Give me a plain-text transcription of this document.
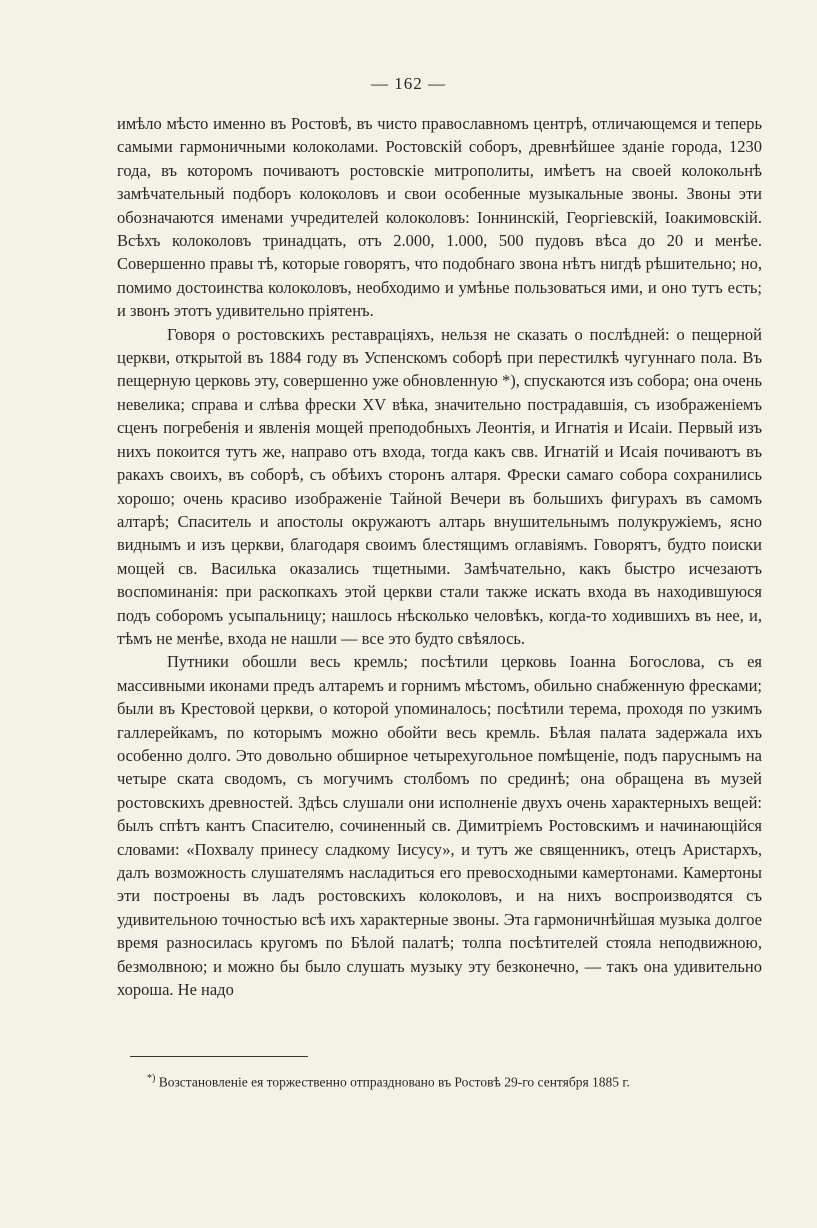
— 162 —

имѣло мѣсто именно въ Ростовѣ, въ чисто православномъ центрѣ, отличающемся и теперь самыми гармоничными колоколами. Ростовскій соборъ, древнѣйшее зданіе города, 1230 года, въ которомъ почиваютъ ростовскіе митрополиты, имѣетъ на своей колокольнѣ замѣчательный подборъ колоколовъ и свои особенные музыкальные звоны. Звоны эти обозначаются именами учредителей колоколовъ: Іоннинскій, Георгіевскій, Іоакимовскій. Всѣхъ колоколовъ тринадцать, отъ 2.000, 1.000, 500 пудовъ вѣса до 20 и менѣе. Совершенно правы тѣ, которые говорятъ, что подобнаго звона нѣтъ нигдѣ рѣшительно; но, помимо достоинства колоколовъ, необходимо и умѣнье пользоваться ими, и оно тутъ есть; и звонъ этотъ удивительно пріятенъ.

Говоря о ростовскихъ реставраціяхъ, нельзя не сказать о послѣдней: о пещерной церкви, открытой въ 1884 году въ Успенскомъ соборѣ при перестилкѣ чугуннаго пола. Въ пещерную церковь эту, совершенно уже обновленную *), спускаются изъ собора; она очень невелика; справа и слѣва фрески XV вѣка, значительно пострадавшія, съ изображеніемъ сценъ погребенія и явленія мощей преподобныхъ Леонтія, и Игнатія и Исаіи. Первый изъ нихъ покоится тутъ же, направо отъ входа, тогда какъ свв. Игнатій и Исаія почиваютъ въ ракахъ своихъ, въ соборѣ, съ обѣихъ сторонъ алтаря. Фрески самаго собора сохранились хорошо; очень красиво изображеніе Тайной Вечери въ большихъ фигурахъ въ самомъ алтарѣ; Спаситель и апостолы окружаютъ алтарь внушительнымъ полукружіемъ, ясно виднымъ и изъ церкви, благодаря своимъ блестящимъ оглавіямъ. Говорятъ, будто поиски мощей св. Василька оказались тщетными. Замѣчательно, какъ быстро исчезаютъ воспоминанія: при раскопкахъ этой церкви стали также искать входа въ находившуюся подъ соборомъ усыпальницу; нашлось нѣсколько человѣкъ, когда-то ходившихъ въ нее, и, тѣмъ не менѣе, входа не нашли — все это будто свѣялось.

Путники обошли весь кремль; посѣтили церковь Іоанна Богослова, съ ея массивными иконами предъ алтаремъ и горнимъ мѣстомъ, обильно снабженную фресками; были въ Крестовой церкви, о которой упоминалось; посѣтили терема, проходя по узкимъ галлерейкамъ, по которымъ можно обойти весь кремль. Бѣлая палата задержала ихъ особенно долго. Это довольно обширное четырехугольное помѣщеніе, подъ паруснымъ на четыре ската сводомъ, съ могучимъ столбомъ по срединѣ; она обращена въ музей ростовскихъ древностей. Здѣсь слушали они исполненіе двухъ очень характерныхъ вещей: былъ спѣтъ кантъ Спасителю, сочиненный св. Димитріемъ Ростовскимъ и начинающійся словами: «Похвалу принесу сладкому Іисусу», и тутъ же священникъ, отецъ Аристархъ, далъ возможность слушателямъ насладиться его превосходными камертонами. Камертоны эти построены въ ладъ ростовскихъ колоколовъ, и на нихъ воспроизводятся съ удивительною точностью всѣ ихъ характерные звоны. Эта гармоничнѣйшая музыка долгое время разносилась кругомъ по Бѣлой палатѣ; толпа посѣтителей стояла неподвижною, безмолвною; и можно бы было слушать музыку эту безконечно, — такъ она удивительно хороша. Не надо

*) Возстановленіе ея торжественно отпраздновано въ Ростовѣ 29-го сентября 1885 г.
